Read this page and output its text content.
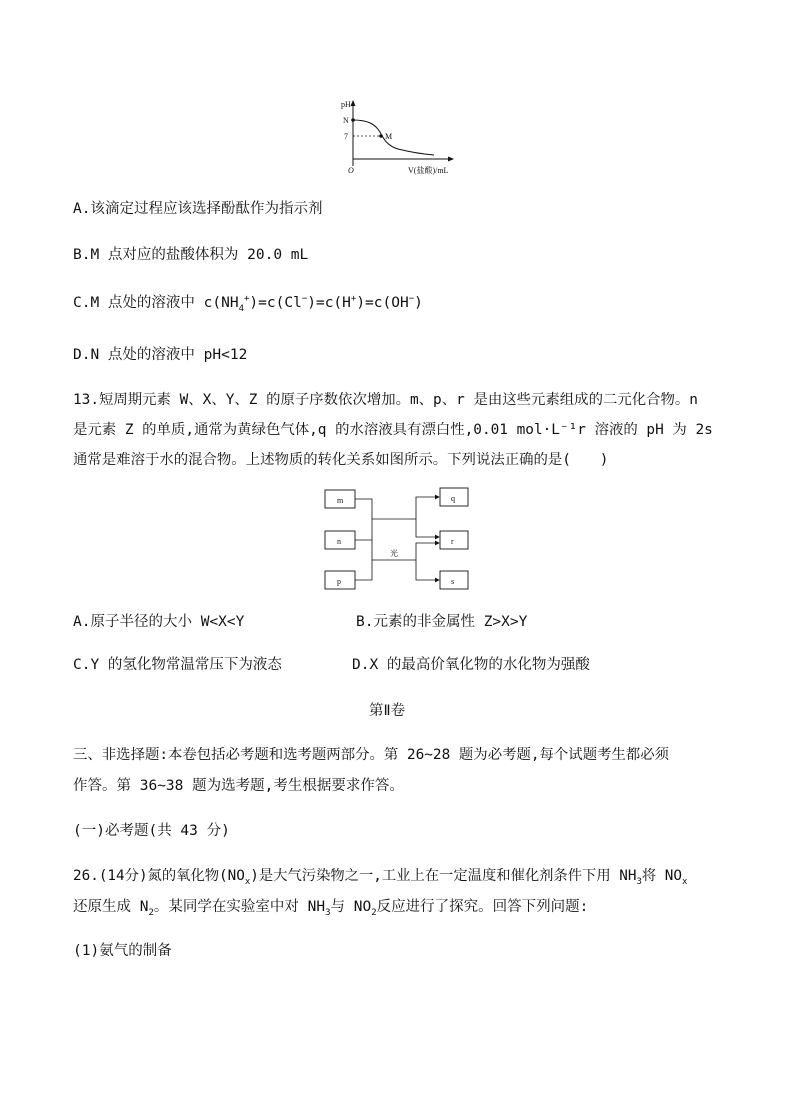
pH
N
7	M
O	V(盐酸)/mL
A.该滴定过程应该选择酚酞作为指示剂
B.M 点对应的盐酸体积为 20.0 mL
C.M 点处的溶液中 $c(NH_4^+)=c(Cl^-)=c(H^+)=c(OH^-)$
D.N 点处的溶液中 pH<12
13.短周期元素 W、X、Y、Z 的原子序数依次增加。m、p、r 是由这些元素组成的二元化合物。n
是元素 Z 的单质,通常为黄绿色气体,q 的水溶液具有漂白性,0.01 mol·L⁻¹r 溶液的 pH 为 2s
通常是难溶于水的混合物。上述物质的转化关系如图所示。下列说法正确的是(　　)
m
n
p
q
r
s
光
A.原子半径的大小 W<X<Y	B.元素的非金属性 Z>X>Y
C.Y 的氢化物常温常压下为液态	D.X 的最高价氧化物的水化物为强酸
第Ⅱ卷
三、非选择题:本卷包括必考题和选考题两部分。第 26~28 题为必考题,每个试题考生都必须
作答。第 36~38 题为选考题,考生根据要求作答。
(一)必考题(共 43 分)
26.(14分)氮的氧化物$(NO_x)$是大气污染物之一,工业上在一定温度和催化剂条件下用 $NH_3$将 $NO_x$
还原生成 $N_2$。某同学在实验室中对 $NH_3$与 $NO_2$反应进行了探究。回答下列问题:
(1)氨气的制备
